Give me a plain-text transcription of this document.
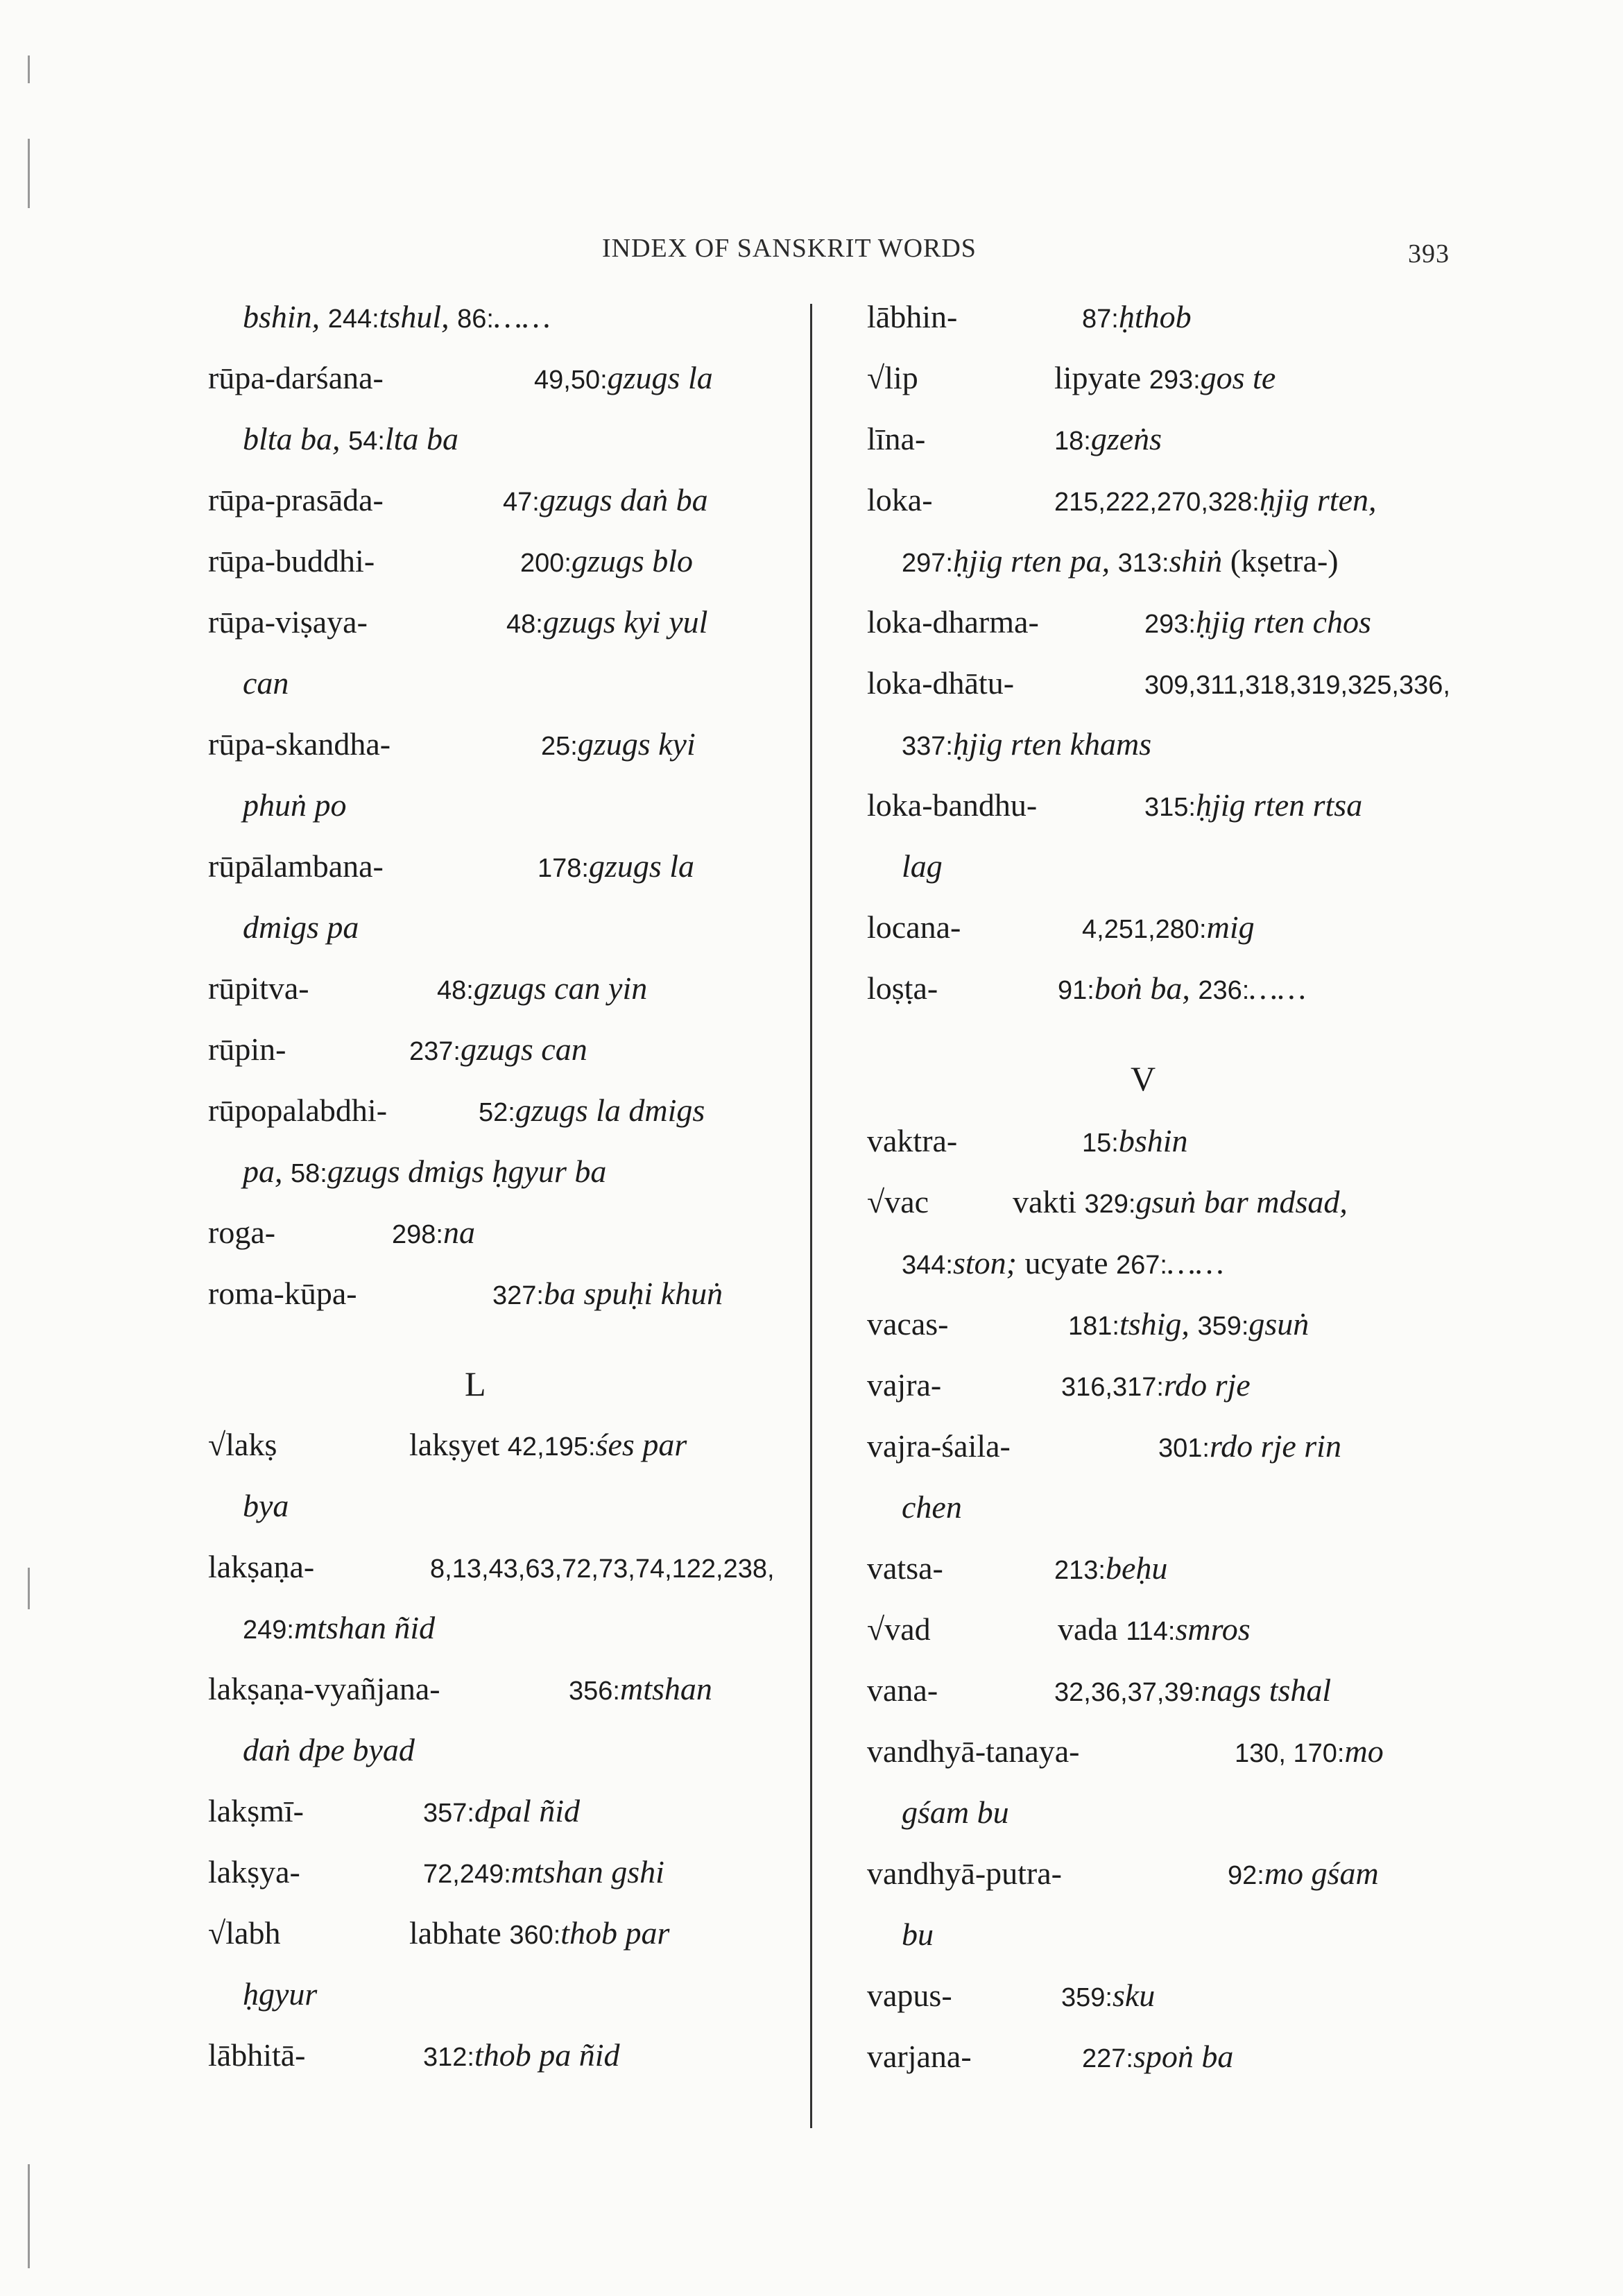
INDEX OF SANSKRIT WORDS	393
bshin, 244:tshul, 86:……
rūpa-darśana-	49,50:gzugs la
blta ba, 54:lta ba
rūpa-prasāda-	47:gzugs daṅ ba
rūpa-buddhi-	200:gzugs blo
rūpa-viṣaya-	48:gzugs kyi yul
can
rūpa-skandha-	25:gzugs kyi
phuṅ po
rūpālambana-	178:gzugs la
dmigs pa
rūpitva-	48:gzugs can yin
rūpin-	237:gzugs can
rūpopalabdhi-	52:gzugs la dmigs
pa, 58:gzugs dmigs ḥgyur ba
roga-	298:na
roma-kūpa-	327:ba spuḥi khuṅ
L
√lakṣ	lakṣyet 42,195:śes par
bya
lakṣaṇa-	8,13,43,63,72,73,74,122,238,
249:mtshan ñid
lakṣaṇa-vyañjana-	356:mtshan
daṅ dpe byad
lakṣmī-	357:dpal ñid
lakṣya-	72,249:mtshan gshi
√labh	labhate 360:thob par
ḥgyur
lābhitā-	312:thob pa ñid
lābhin-	87:ḥthob
√lip	lipyate 293:gos te
līna-	18:gzeṅs
loka-	215,222,270,328:ḥjig rten,
297:ḥjig rten pa, 313:shiṅ (kṣetra-)
loka-dharma-	293:ḥjig rten chos
loka-dhātu-	309,311,318,319,325,336,
337:ḥjig rten khams
loka-bandhu-	315:ḥjig rten rtsa
lag
locana-	4,251,280:mig
loṣṭa-	91:boṅ ba, 236:……
V
vaktra-	15:bshin
√vac	vakti 329:gsuṅ bar mdsad,
344:ston; ucyate 267:……
vacas-	181:tshig, 359:gsuṅ
vajra-	316,317:rdo rje
vajra-śaila-	301:rdo rje rin
chen
vatsa-	213:beḥu
√vad	vada 114:smros
vana-	32,36,37,39:nags tshal
vandhyā-tanaya-	130, 170:mo
gśam bu
vandhyā-putra-	92:mo gśam
bu
vapus-	359:sku
varjana-	227:spoṅ ba
